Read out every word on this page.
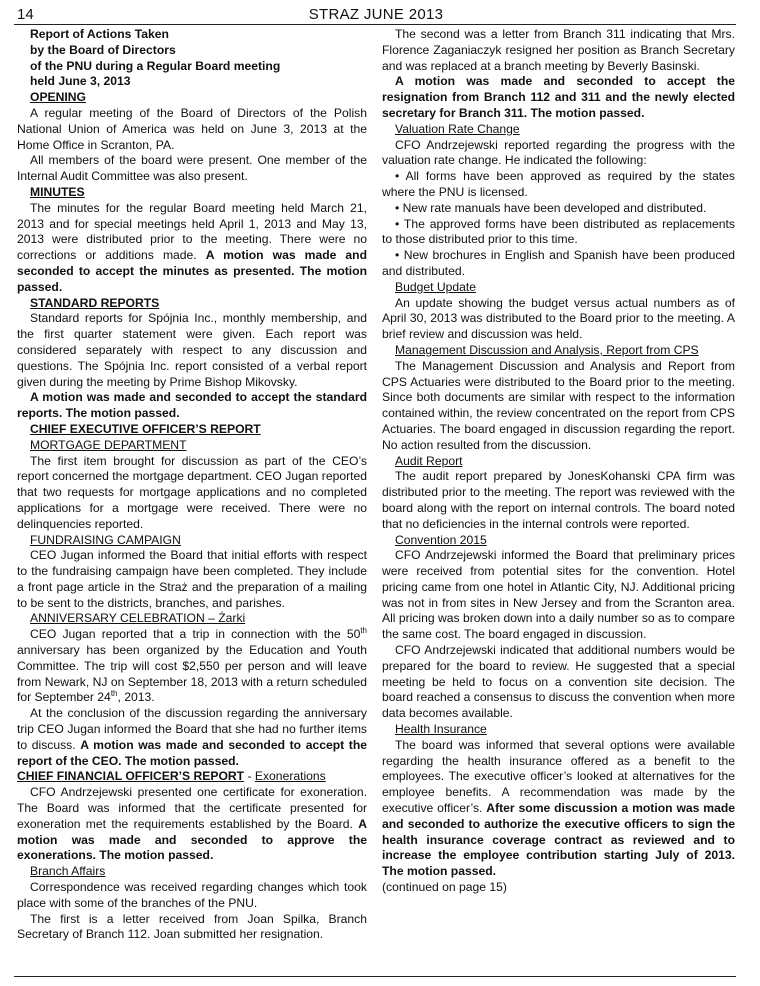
14	STRAZ JUNE 2013

Report of Actions Taken

by the Board of Directors

of the PNU during a Regular Board meeting

held June 3, 2013

OPENING

A regular meeting of the Board of Directors of the Polish National Union of America was held on June 3, 2013 at the Home Office in Scranton, PA.

All members of the board were present. One member of the Internal Audit Committee was also present.

MINUTES

The minutes for the regular Board meeting held March 21, 2013 and for special meetings held April 1, 2013 and May 13, 2013 were distributed prior to the meeting. There were no corrections or additions made. A motion was made and seconded to accept the minutes as presented. The motion passed.

STANDARD REPORTS

Standard reports for Spójnia Inc., monthly membership, and the first quarter statement were given. Each report was considered separately with respect to any discussion and questions. The Spójnia Inc. report consisted of a verbal report given during the meeting by Prime Bishop Mikovsky.

A motion was made and seconded to accept the standard reports. The motion passed.

CHIEF EXECUTIVE OFFICER’S REPORT

MORTGAGE DEPARTMENT

The first item brought for discussion as part of the CEO’s report concerned the mortgage department. CEO Jugan reported that two requests for mortgage applications and no completed applications for a mortgage were received. There were no delinquencies reported.

FUNDRAISING CAMPAIGN

CEO Jugan informed the Board that initial efforts with respect to the fundraising campaign have been completed. They include a front page article in the Straż and the preparation of a mailing to be sent to the districts, branches, and parishes.

ANNIVERSARY CELEBRATION – Żarki

CEO Jugan reported that a trip in connection with the 50th anniversary has been organized by the Education and Youth Committee. The trip will cost $2,550 per person and will leave from Newark, NJ on September 18, 2013 with a return scheduled for September 24th, 2013.

At the conclusion of the discussion regarding the anniversary trip CEO Jugan informed the Board that she had no further items to discuss. A motion was made and seconded to accept the report of the CEO. The motion passed.

CHIEF FINANCIAL OFFICER’S REPORT - Exonerations

CFO Andrzejewski presented one certificate for exoneration. The Board was informed that the certificate presented for exoneration met the requirements established by the Board. A motion was made and seconded to approve the exonerations. The motion passed.

Branch Affairs

Correspondence was received regarding changes which took place with some of the branches of the PNU.

The first is a letter received from Joan Spilka, Branch Secretary of Branch 112. Joan submitted her resignation.

The second was a letter from Branch 311 indicating that Mrs. Florence Zaganiaczyk resigned her position as Branch Secretary and was replaced at a branch meeting by Beverly Basinski.

A motion was made and seconded to accept the resignation from Branch 112 and 311 and the newly elected secretary for Branch 311. The motion passed.

Valuation Rate Change

CFO Andrzejewski reported regarding the progress with the valuation rate change. He indicated the following:

• All forms have been approved as required by the states where the PNU is licensed.

• New rate manuals have been developed and distributed.

• The approved forms have been distributed as replacements to those distributed prior to this time.

• New brochures in English and Spanish have been produced and distributed.

Budget Update

An update showing the budget versus actual numbers as of April 30, 2013 was distributed to the Board prior to the meeting. A brief review and discussion was held.

Management Discussion and Analysis, Report from CPS

The Management Discussion and Analysis and Report from CPS Actuaries were distributed to the Board prior to the meeting. Since both documents are similar with respect to the information contained within, the review concentrated on the report from CPS Actuaries. The board engaged in discussion regarding the report. No action resulted from the discussion.

Audit Report

The audit report prepared by JonesKohanski CPA firm was distributed prior to the meeting. The report was reviewed with the board along with the report on internal controls. The board noted that no deficiencies in the internal controls were reported.

Convention 2015

CFO Andrzejewski informed the Board that preliminary prices were received from potential sites for the convention. Hotel pricing came from one hotel in Atlantic City, NJ. Additional pricing was not in from sites in New Jersey and from the Scranton area. All pricing was broken down into a daily number so as to compare the same cost. The board engaged in discussion.

CFO Andrzejewski indicated that additional numbers would be prepared for the board to review. He suggested that a special meeting be held to focus on a convention site decision. The board reached a consensus to discuss the convention when more data becomes available.

Health Insurance

The board was informed that several options were available regarding the health insurance offered as a benefit to the employees. The executive officer’s looked at alternatives for the employee benefits. A recommendation was made by the executive officer’s. After some discussion a motion was made and seconded to authorize the executive officers to sign the health insurance coverage contract as reviewed and to increase the employee contribution starting July of 2013. The motion passed.

(continued on page 15)
